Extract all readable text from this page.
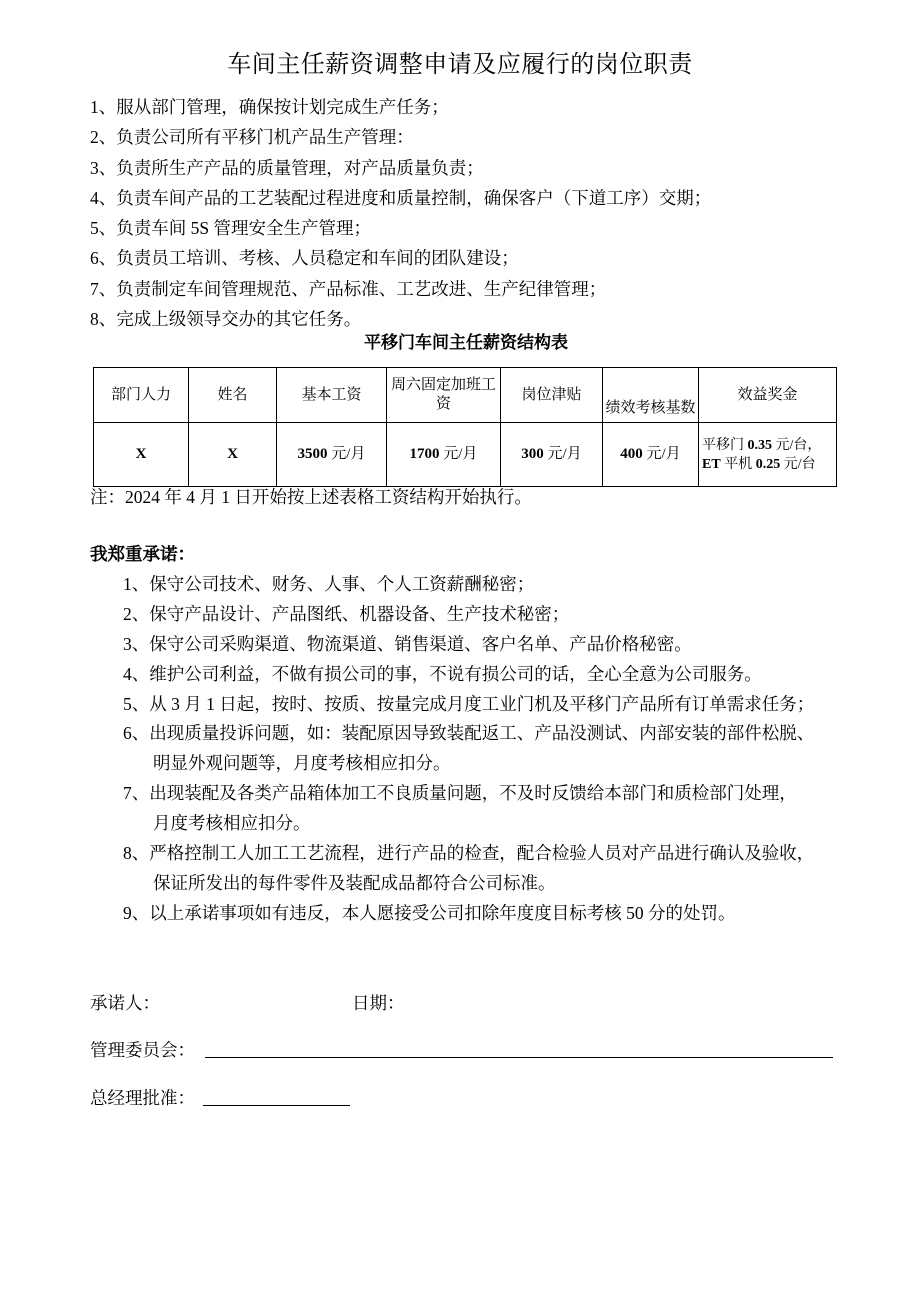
车间主任薪资调整申请及应履行的岗位职责
1、服从部门管理，确保按计划完成生产任务；
2、负责公司所有平移门机产品生产管理：
3、负责所生产产品的质量管理，对产品质量负责；
4、负责车间产品的工艺装配过程进度和质量控制，确保客户（下道工序）交期；
5、负责车间 5S 管理安全生产管理；
6、负责员工培训、考核、人员稳定和车间的团队建设；
7、负责制定车间管理规范、产品标准、工艺改进、生产纪律管理；
8、完成上级领导交办的其它任务。
平移门车间主任薪资结构表
部门人力	姓名	基本工资	周六固定加班工资	岗位津贴	绩效考核基数	效益奖金
X	X	3500 元/月	1700 元/月	300 元/月	400 元/月	平移门 0.35 元/台，
ET 平机 0.25 元/台
注：2024 年 4 月 1 日开始按上述表格工资结构开始执行。
我郑重承诺：
1、保守公司技术、财务、人事、个人工资薪酬秘密；
2、保守产品设计、产品图纸、机器设备、生产技术秘密；
3、保守公司采购渠道、物流渠道、销售渠道、客户名单、产品价格秘密。
4、维护公司利益，不做有损公司的事，不说有损公司的话，全心全意为公司服务。
5、从 3 月 1 日起，按时、按质、按量完成月度工业门机及平移门产品所有订单需求任务；
6、出现质量投诉问题，如：装配原因导致装配返工、产品没测试、内部安装的部件松脱、
明显外观问题等，月度考核相应扣分。
7、出现装配及各类产品箱体加工不良质量问题，不及时反馈给本部门和质检部门处理，
月度考核相应扣分。
8、严格控制工人加工工艺流程，进行产品的检查，配合检验人员对产品进行确认及验收，
保证所发出的每件零件及装配成品都符合公司标准。
9、以上承诺事项如有违反，本人愿接受公司扣除年度度目标考核 50 分的处罚。
承诺人：	日期：
管理委员会：
总经理批准：
